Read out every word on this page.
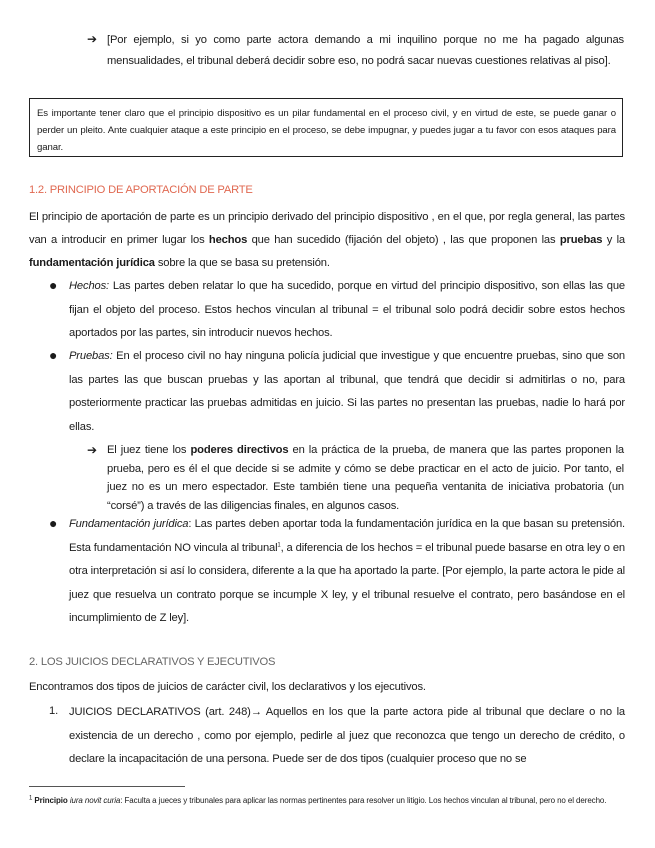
➔ [Por ejemplo, si yo como parte actora demando a mi inquilino porque no me ha pagado algunas mensualidades, el tribunal deberá decidir sobre eso, no podrá sacar nuevas cuestiones relativas al piso].
Es importante tener claro que el principio dispositivo es un pilar fundamental en el proceso civil, y en virtud de este, se puede ganar o perder un pleito. Ante cualquier ataque a este principio en el proceso, se debe impugnar, y puedes jugar a tu favor con esos ataques para ganar.
1.2. PRINCIPIO DE APORTACIÓN DE PARTE
El principio de aportación de parte es un principio derivado del principio dispositivo , en el que, por regla general, las partes van a introducir en primer lugar los hechos que han sucedido (fijación del objeto) , las que proponen las pruebas y la fundamentación jurídica sobre la que se basa su pretensión.
● Hechos: Las partes deben relatar lo que ha sucedido, porque en virtud del principio dispositivo, son ellas las que fijan el objeto del proceso. Estos hechos vinculan al tribunal = el tribunal solo podrá decidir sobre estos hechos aportados por las partes, sin introducir nuevos hechos.
● Pruebas: En el proceso civil no hay ninguna policía judicial que investigue y que encuentre pruebas, sino que son las partes las que buscan pruebas y las aportan al tribunal, que tendrá que decidir si admitirlas o no, para posteriormente practicar las pruebas admitidas en juicio. Si las partes no presentan las pruebas, nadie lo hará por ellas.
➔ El juez tiene los poderes directivos en la práctica de la prueba, de manera que las partes proponen la prueba, pero es él el que decide si se admite y cómo se debe practicar en el acto de juicio. Por tanto, el juez no es un mero espectador. Este también tiene una pequeña ventanita de iniciativa probatoria (un “corsé”) a través de las diligencias finales, en algunos casos.
● Fundamentación jurídica: Las partes deben aportar toda la fundamentación jurídica en la que basan su pretensión. Esta fundamentación NO vincula al tribunal$^1$, a diferencia de los hechos = el tribunal puede basarse en otra ley o en otra interpretación si así lo considera, diferente a la que ha aportado la parte. [Por ejemplo, la parte actora le pide al juez que resuelva un contrato porque se incumple X ley, y el tribunal resuelve el contrato, pero basándose en el incumplimiento de Z ley].
2. LOS JUICIOS DECLARATIVOS Y EJECUTIVOS
Encontramos dos tipos de juicios de carácter civil, los declarativos y los ejecutivos.
1. JUICIOS DECLARATIVOS (art. 248)→ Aquellos en los que la parte actora pide al tribunal que declare o no la existencia de un derecho , como por ejemplo, pedirle al juez que reconozca que tengo un derecho de crédito, o declare la incapacitación de una persona. Puede ser de dos tipos (cualquier proceso que no se
$^1$ Principio iura novit curia: Faculta a jueces y tribunales para aplicar las normas pertinentes para resolver un litigio. Los hechos vinculan al tribunal, pero no el derecho.
